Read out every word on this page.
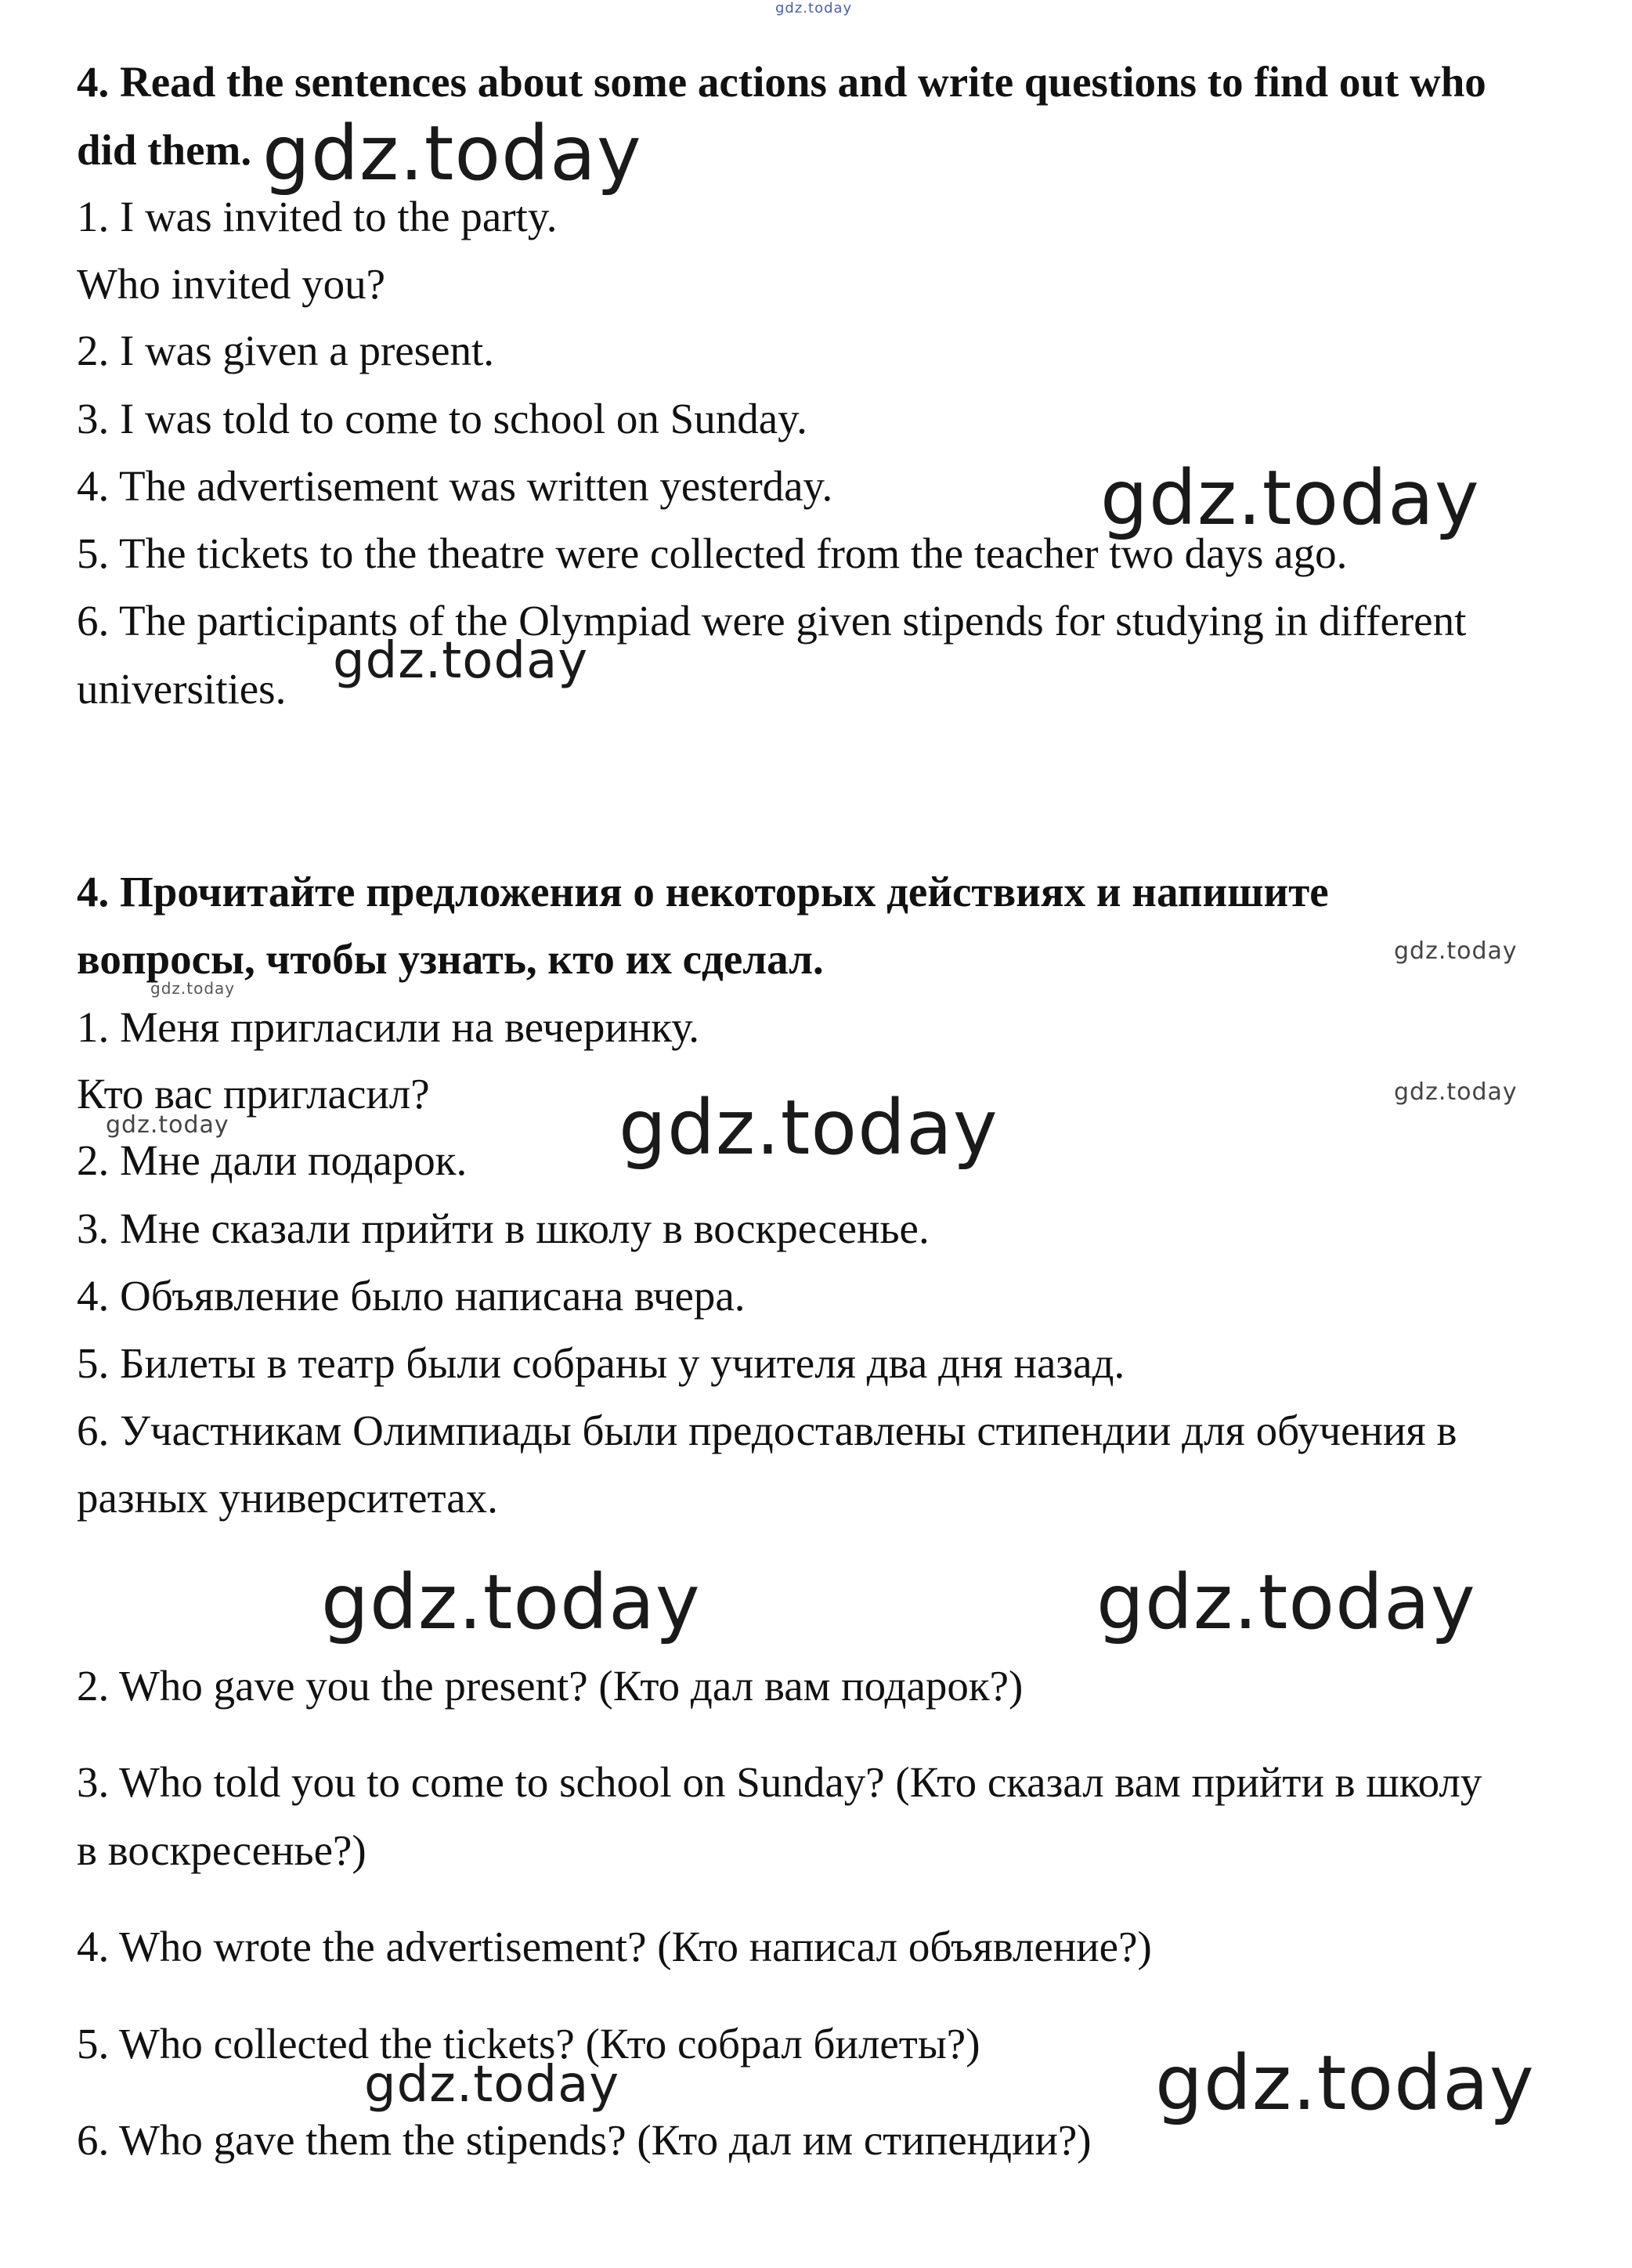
gdz.today
4. Read the sentences about some actions and write questions to find out who
did them. gdz.today
1. I was invited to the party.
Who invited you?
2. I was given a present.
3. I was told to come to school on Sunday.
4. The advertisement was written yesterday.	gdz.today
5. The tickets to the theatre were collected from the teacher two days ago.
6. The participants of the Olympiad were given stipends for studying in different
universities. gdz.today
4. Прочитайте предложения о некоторых действиях и напишите
вопросы, чтобы узнать, кто их сделал.	gdz.today
gdz.today
1. Меня пригласили на вечеринку.
Кто вас пригласил?	gdz.today
gdz.today
2. Мне дали подарок. gdz.today
3. Мне сказали прийти в школу в воскресенье.
4. Объявление было написана вчера.
5. Билеты в театр были собраны у учителя два дня назад.
6. Участникам Олимпиады были предоставлены стипендии для обучения в
разных университетах.
gdz.today	gdz.today
2. Who gave you the present? (Кто дал вам подарок?)
3. Who told you to come to school on Sunday? (Кто сказал вам прийти в школу
в воскресенье?)
4. Who wrote the advertisement? (Кто написал объявление?)
5. Who collected the tickets? (Кто собрал билеты?)
gdz.today	gdz.today
6. Who gave them the stipends? (Кто дал им стипендии?)
